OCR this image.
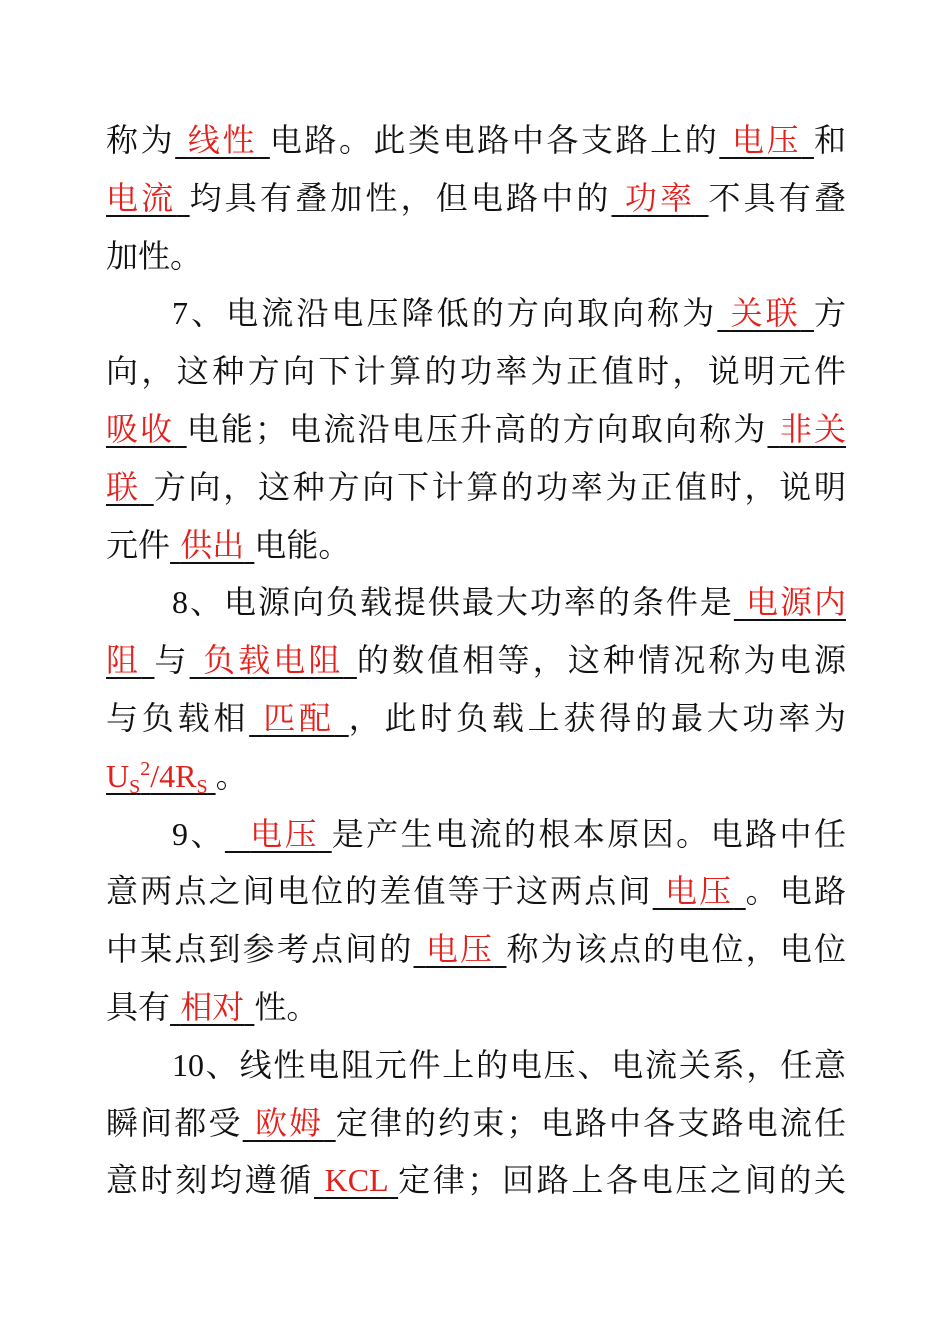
称为 线性 电路。此类电路中各支路上的 电压 和
电流 均具有叠加性，但电路中的 功率 不具有叠
加性。
7、电流沿电压降低的方向取向称为 关联 方
向，这种方向下计算的功率为正值时，说明元件
吸收 电能；电流沿电压升高的方向取向称为 非关
联 方向，这种方向下计算的功率为正值时，说明
元件 供出 电能。
8、电源向负载提供最大功率的条件是 电源内
阻 与 负载电阻 的数值相等，这种情况称为电源
与负载相 匹配 ，此时负载上获得的最大功率为
$U_S^2/4R_S$ 。
9、 电压 是产生电流的根本原因。电路中任
意两点之间电位的差值等于这两点间 电压 。电路
中某点到参考点间的 电压 称为该点的电位，电位
具有 相对 性。
10、线性电阻元件上的电压、电流关系，任意
瞬间都受 欧姆 定律的约束；电路中各支路电流任
意时刻均遵循 KCL 定律；回路上各电压之间的关
